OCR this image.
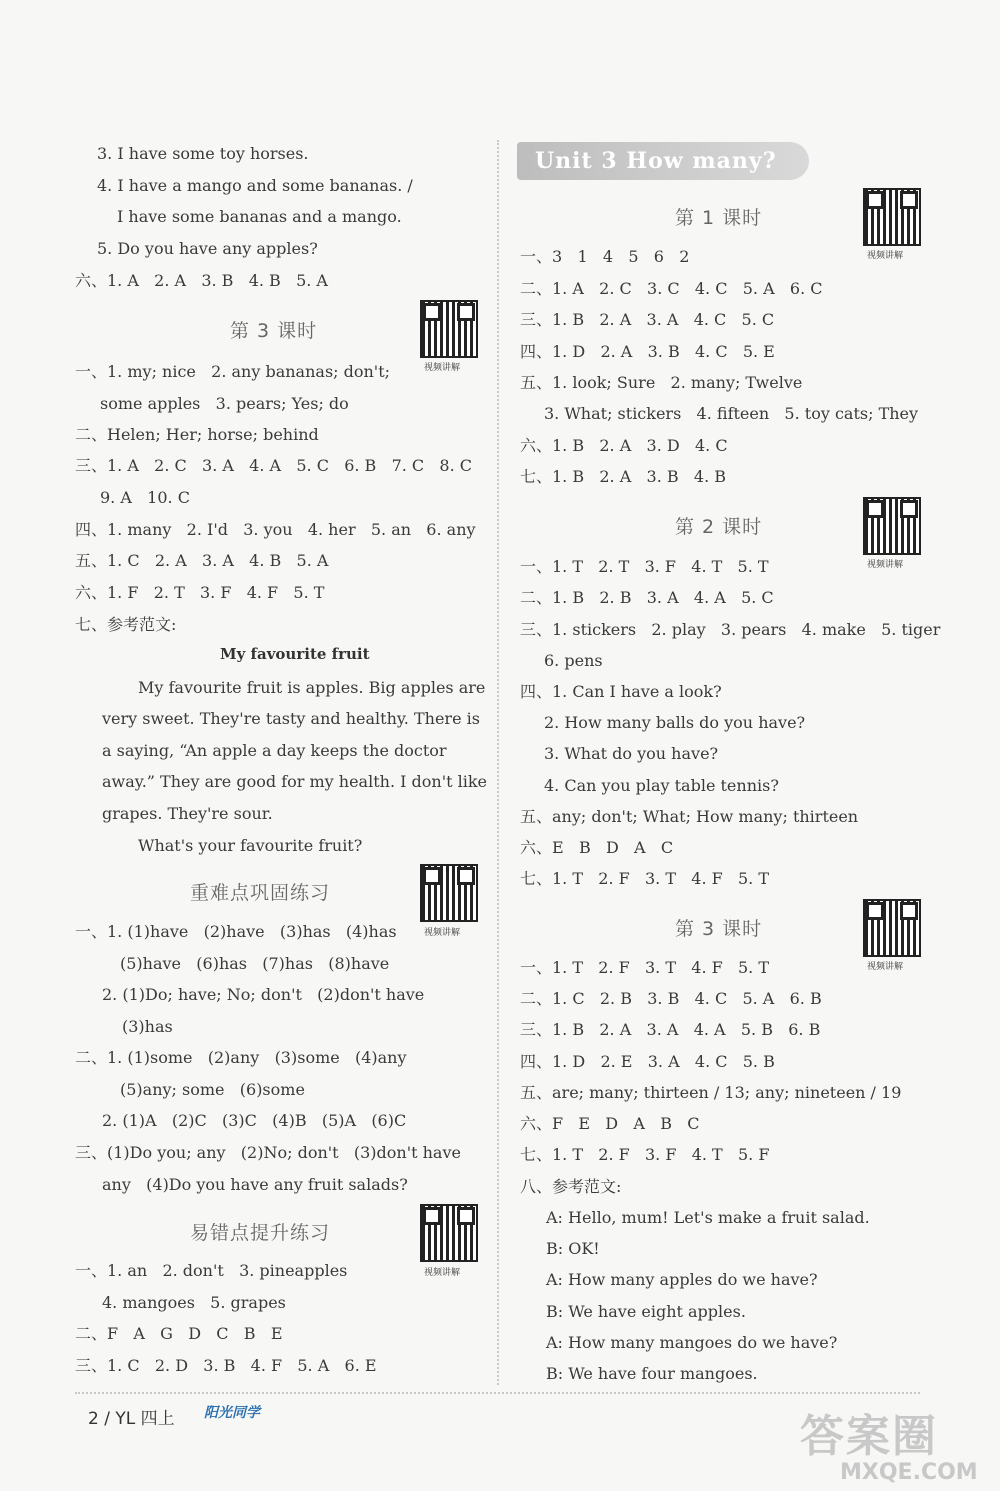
3. I have some toy horses.
4. I have a mango and some bananas. /
I have some bananas and a mango.
5. Do you have any apples?
六、1. A   2. A   3. B   4. B   5. A
第 3 课时
视频讲解
一、1. my; nice   2. any bananas; don't;
some apples   3. pears; Yes; do
二、Helen; Her; horse; behind
三、1. A   2. C   3. A   4. A   5. C   6. B   7. C   8. C
9. A   10. C
四、1. many   2. I'd   3. you   4. her   5. an   6. any
五、1. C   2. A   3. A   4. B   5. A
六、1. F   2. T   3. F   4. F   5. T
七、参考范文:
My favourite fruit
My favourite fruit is apples. Big apples are
very sweet. They're tasty and healthy. There is
a saying, “An apple a day keeps the doctor
away.” They are good for my health. I don't like
grapes. They're sour.
What's your favourite fruit?
重难点巩固练习
视频讲解
一、1. (1)have   (2)have   (3)has   (4)has
(5)have   (6)has   (7)has   (8)have
2. (1)Do; have; No; don't   (2)don't have
(3)has
二、1. (1)some   (2)any   (3)some   (4)any
(5)any; some   (6)some
2. (1)A   (2)C   (3)C   (4)B   (5)A   (6)C
三、(1)Do you; any   (2)No; don't   (3)don't have
any   (4)Do you have any fruit salads?
易错点提升练习
视频讲解
一、1. an   2. don't   3. pineapples
4. mangoes   5. grapes
二、F   A   G   D   C   B   E
三、1. C   2. D   3. B   4. F   5. A   6. E
Unit 3 How many?
第 1 课时
视频讲解
一、3   1   4   5   6   2
二、1. A   2. C   3. C   4. C   5. A   6. C
三、1. B   2. A   3. A   4. C   5. C
四、1. D   2. A   3. B   4. C   5. E
五、1. look; Sure   2. many; Twelve
3. What; stickers   4. fifteen   5. toy cats; They
六、1. B   2. A   3. D   4. C
七、1. B   2. A   3. B   4. B
第 2 课时
视频讲解
一、1. T   2. T   3. F   4. T   5. T
二、1. B   2. B   3. A   4. A   5. C
三、1. stickers   2. play   3. pears   4. make   5. tiger
6. pens
四、1. Can I have a look?
2. How many balls do you have?
3. What do you have?
4. Can you play table tennis?
五、any; don't; What; How many; thirteen
六、E   B   D   A   C
七、1. T   2. F   3. T   4. F   5. T
第 3 课时
视频讲解
一、1. T   2. F   3. T   4. F   5. T
二、1. C   2. B   3. B   4. C   5. A   6. B
三、1. B   2. A   3. A   4. A   5. B   6. B
四、1. D   2. E   3. A   4. C   5. B
五、are; many; thirteen / 13; any; nineteen / 19
六、F   E   D   A   B   C
七、1. T   2. F   3. F   4. T   5. F
八、参考范文:
A: Hello, mum! Let's make a fruit salad.
B: OK!
A: How many apples do we have?
B: We have eight apples.
A: How many mangoes do we have?
B: We have four mangoes.
2 / YL 四上 阳光同学	答案圈
MXQE.COM
